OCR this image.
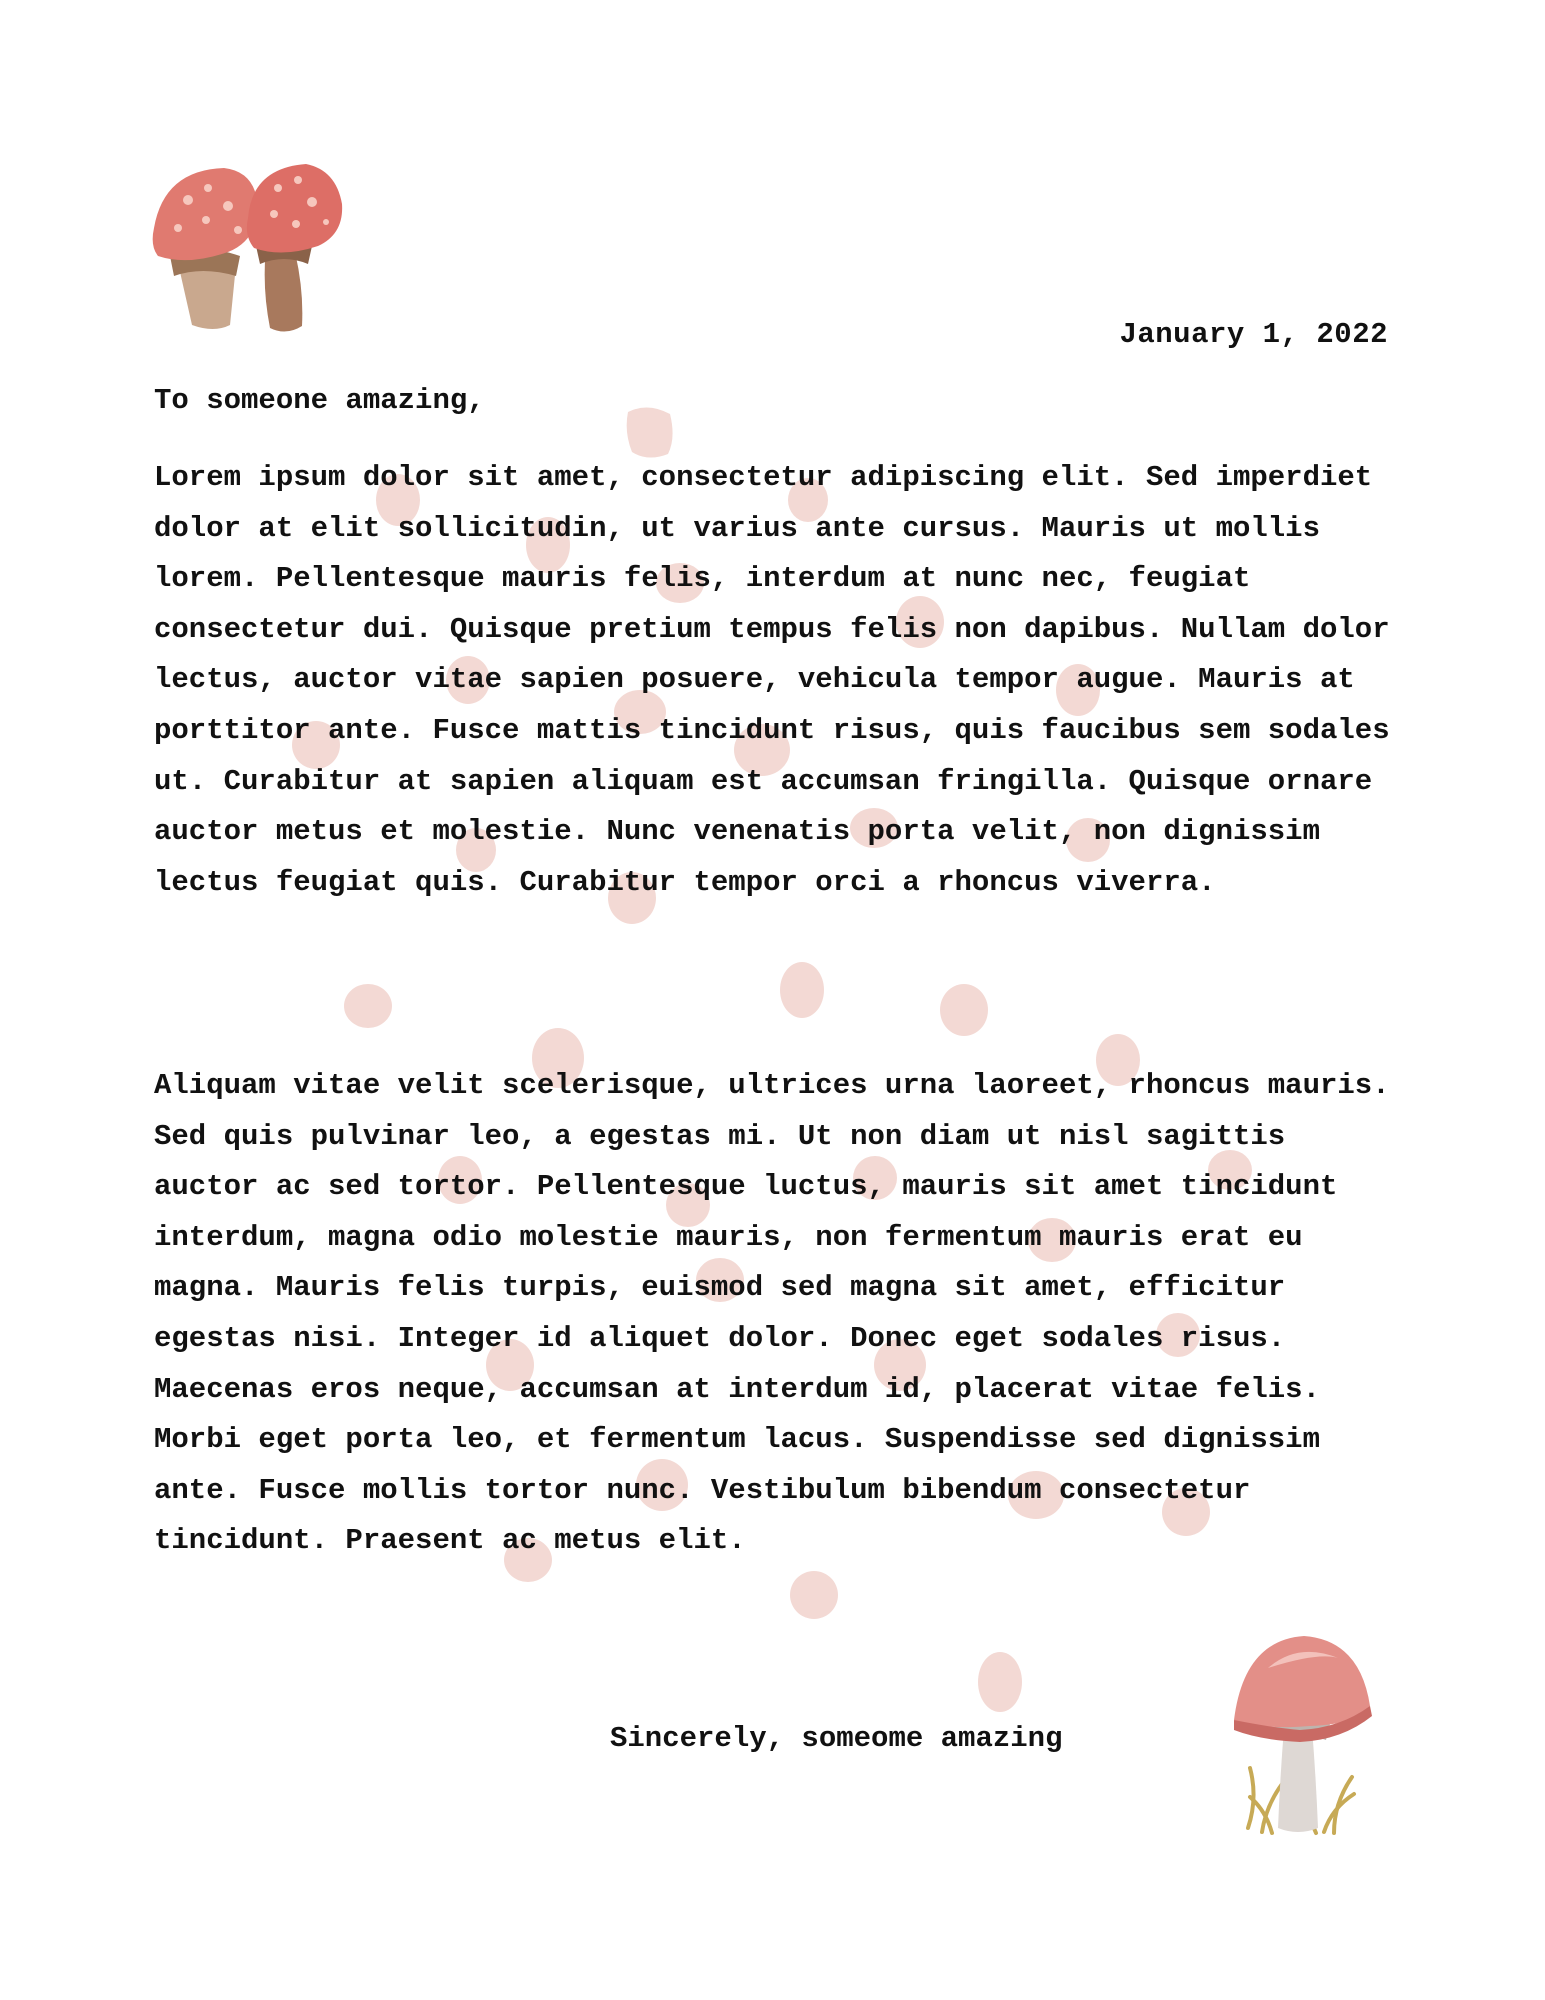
January 1, 2022
To someone amazing,

Lorem ipsum dolor sit amet, consectetur adipiscing elit. Sed imperdiet dolor at elit sollicitudin, ut varius ante cursus. Mauris ut mollis lorem. Pellentesque mauris felis, interdum at nunc nec, feugiat consectetur dui. Quisque pretium tempus felis non dapibus. Nullam dolor lectus, auctor vitae sapien posuere, vehicula tempor augue. Mauris at porttitor ante. Fusce mattis tincidunt risus, quis faucibus sem sodales ut. Curabitur at sapien aliquam est accumsan fringilla. Quisque ornare auctor metus et molestie. Nunc venenatis porta velit, non dignissim lectus feugiat quis. Curabitur tempor orci a rhoncus viverra.

Aliquam vitae velit scelerisque, ultrices urna laoreet, rhoncus mauris. Sed quis pulvinar leo, a egestas mi. Ut non diam ut nisl sagittis auctor ac sed tortor. Pellentesque luctus, mauris sit amet tincidunt interdum, magna odio molestie mauris, non fermentum mauris erat eu magna. Mauris felis turpis, euismod sed magna sit amet, efficitur egestas nisi. Integer id aliquet dolor. Donec eget sodales risus. Maecenas eros neque, accumsan at interdum id, placerat vitae felis. Morbi eget porta leo, et fermentum lacus. Suspendisse sed dignissim ante. Fusce mollis tortor nunc. Vestibulum bibendum consectetur tincidunt. Praesent ac metus elit.

Sincerely, someome amazing
